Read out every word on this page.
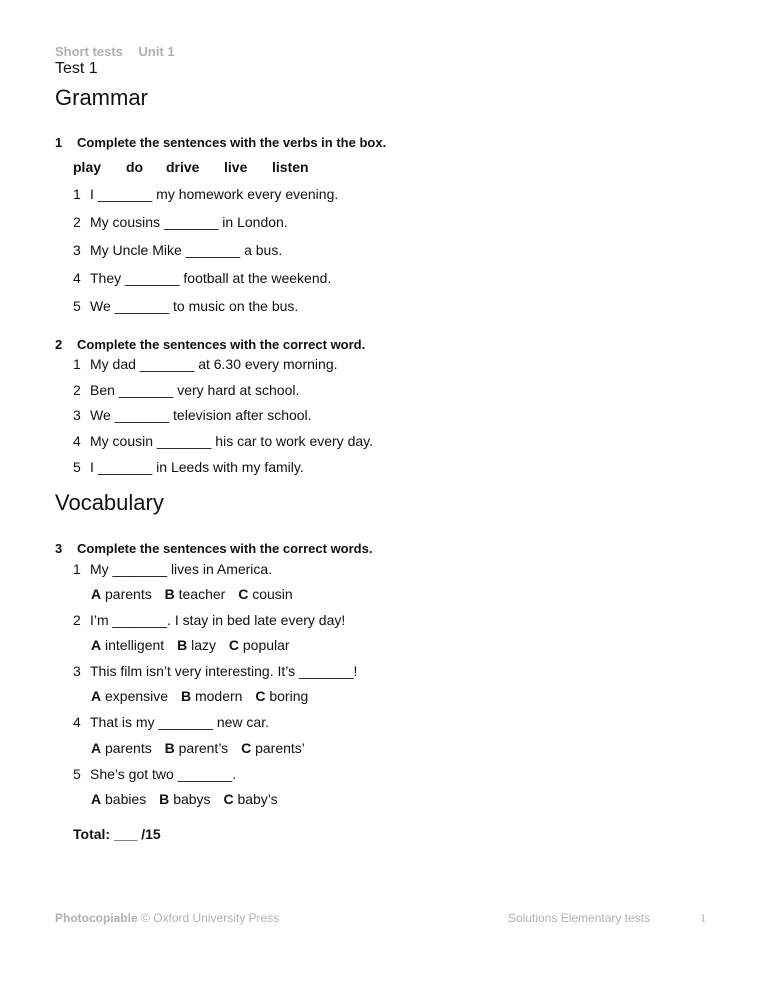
Short tests Unit 1
Test 1
Grammar
1 Complete the sentences with the verbs in the box.
play do drive live listen
1 I _______ my homework every evening.
2 My cousins _______ in London.
3 My Uncle Mike _______ a bus.
4 They _______ football at the weekend.
5 We _______ to music on the bus.
2 Complete the sentences with the correct word.
1 My dad _______ at 6.30 every morning.
2 Ben _______ very hard at school.
3 We _______ television after school.
4 My cousin _______ his car to work every day.
5 I _______ in Leeds with my family.
Vocabulary
3 Complete the sentences with the correct words.
1 My _______ lives in America.
A parents B teacher C cousin
2 I’m _______. I stay in bed late every day!
A intelligent B lazy C popular
3 This film isn’t very interesting. It’s _______!
A expensive B modern C boring
4 That is my _______ new car.
A parents B parent’s C parents’
5 She’s got two _______.
A babies B babys C baby’s
Total: ___ /15
Photocopiable © Oxford University Press	Solutions Elementary tests	1
